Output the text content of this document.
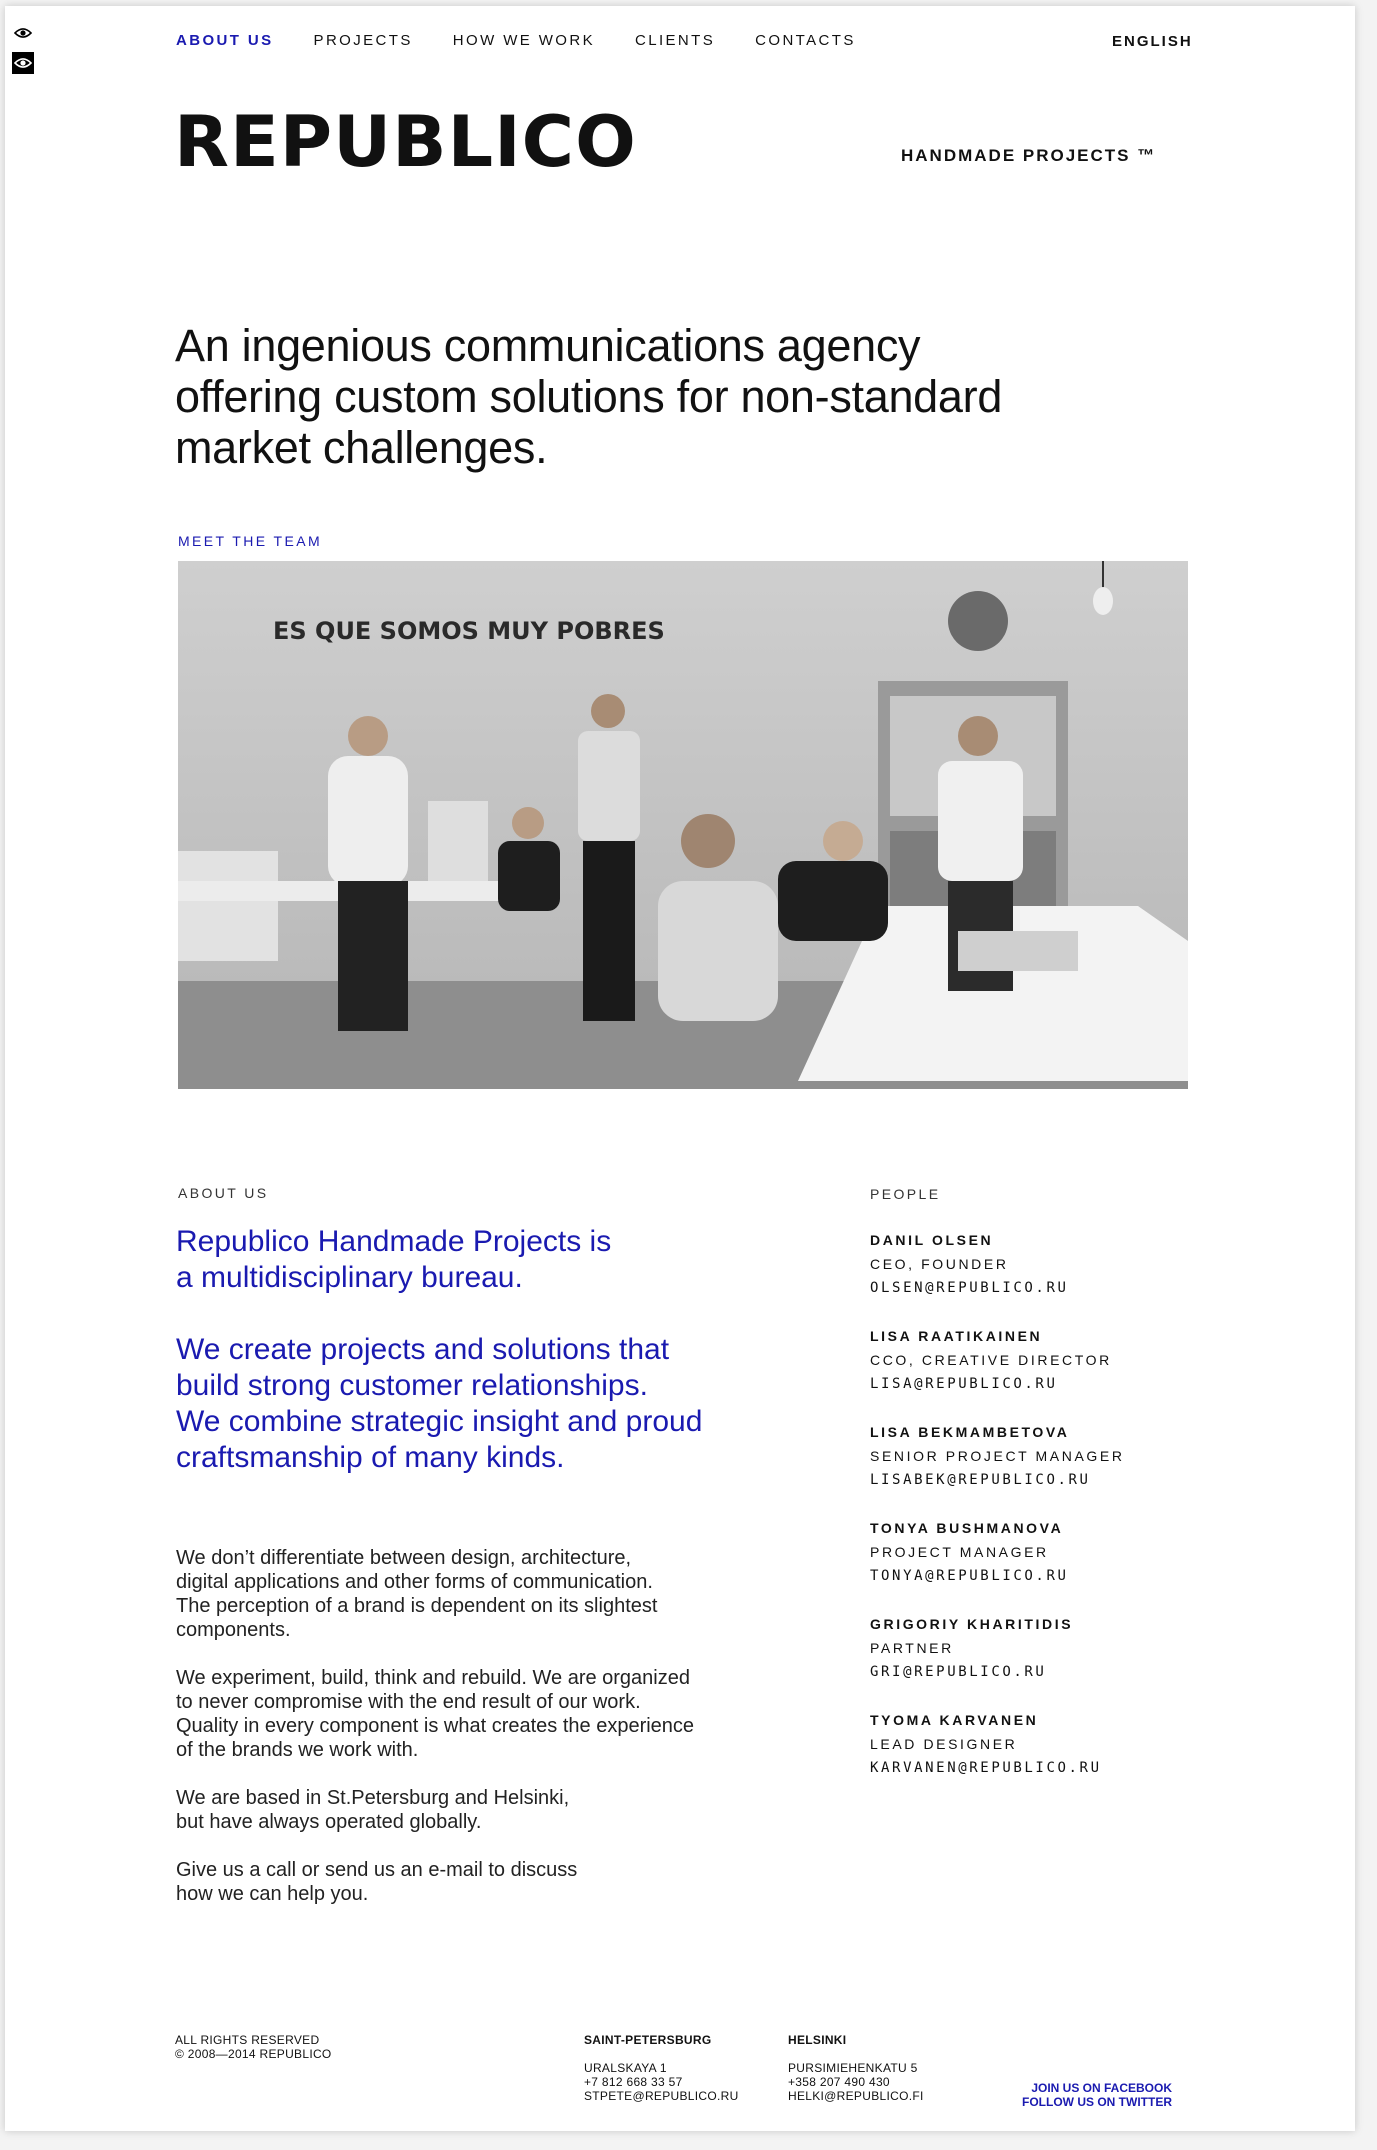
ABOUT US	PROJECTS	HOW WE WORK	CLIENTS	CONTACTS	ENGLISH
REPUBLICO	HANDMADE PROJECTS ™
An ingenious communications agency
offering custom solutions for non-standard
market challenges.
MEET THE TEAM
ES QUE SOMOS MUY POBRES
ABOUT US

Republico Handmade Projects is
a multidisciplinary bureau.

We create projects and solutions that
build strong customer relationships.
We combine strategic insight and proud
craftsmanship of many kinds.

We don’t differentiate between design, architecture,
digital applications and other forms of communication.
The perception of a brand is dependent on its slightest
components.

We experiment, build, think and rebuild. We are organized
to never compromise with the end result of our work.
Quality in every component is what creates the experience
of the brands we work with.

We are based in St.Petersburg and Helsinki,
but have always operated globally.

Give us a call or send us an e-mail to discuss
how we can help you.

PEOPLE
DANIL OLSEN
CEO, FOUNDER
OLSEN@REPUBLICO.RU
LISA RAATIKAINEN
CCO, CREATIVE DIRECTOR
LISA@REPUBLICO.RU
LISA BEKMAMBETOVA
SENIOR PROJECT MANAGER
LISABEK@REPUBLICO.RU
TONYA BUSHMANOVA
PROJECT MANAGER
TONYA@REPUBLICO.RU
GRIGORIY KHARITIDIS
PARTNER
GRI@REPUBLICO.RU
TYOMA KARVANEN
LEAD DESIGNER
KARVANEN@REPUBLICO.RU
ALL RIGHTS RESERVED
© 2008—2014 REPUBLICO
SAINT-PETERSBURG
URALSKAYA 1
+7 812 668 33 57
STPETE@REPUBLICO.RU
HELSINKI
PURSIMIEHENKATU 5
+358 207 490 430
HELKI@REPUBLICO.FI
JOIN US ON FACEBOOK
FOLLOW US ON TWITTER
